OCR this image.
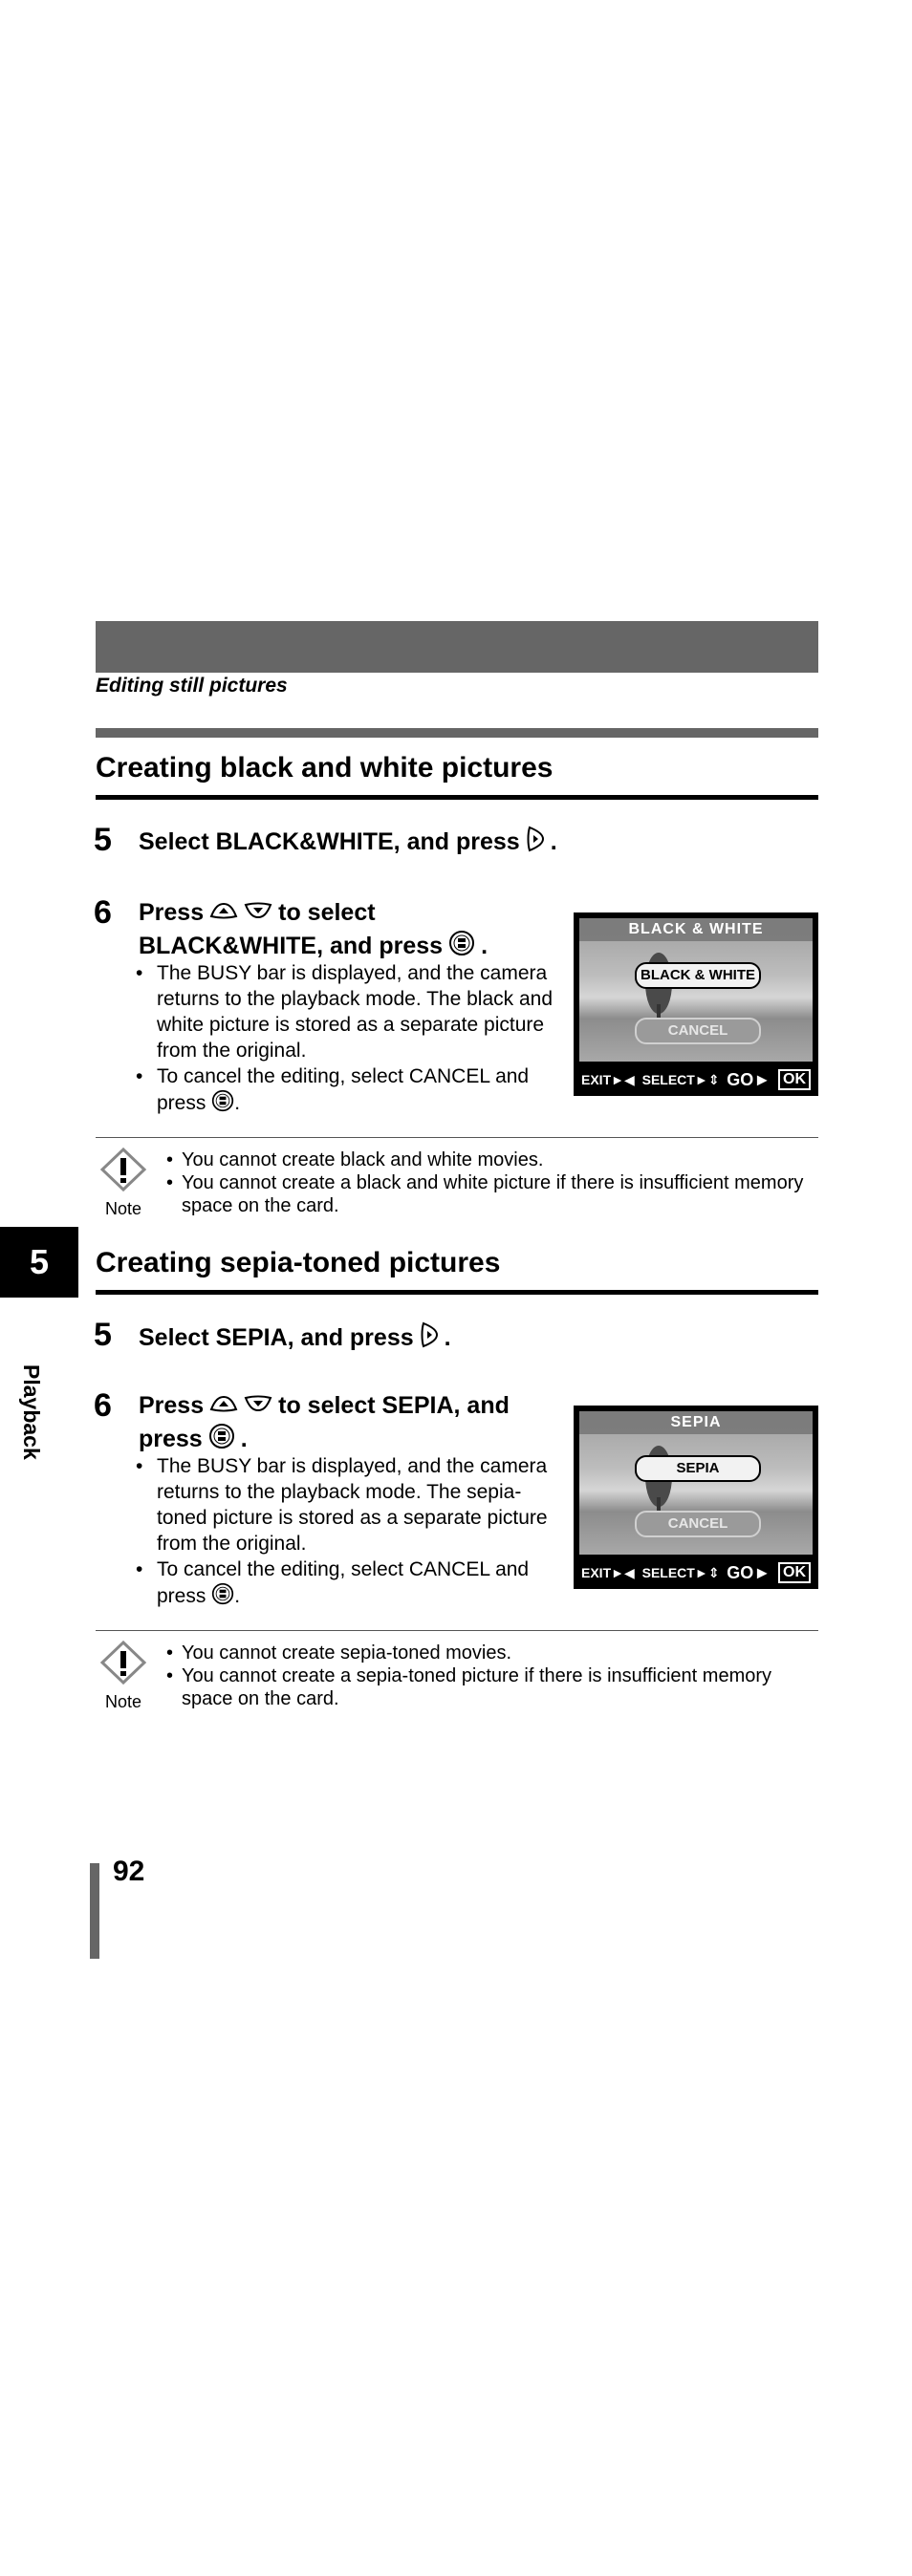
Editing still pictures
Creating black and white pictures
5 Select BLACK&WHITE, and press .
6 Press	to select
BLACK&WHITE, and press .
• The BUSY bar is displayed, and the camera returns to the playback mode. The black and white picture is stored as a separate picture from the original.
• To cancel the editing, select CANCEL and press .
BLACK & WHITE
BLACK & WHITE
CANCEL
EXIT►◀ SELECT►⇕ GO► OK
Note
• You cannot create black and white movies.
• You cannot create a black and white picture if there is insufficient memory space on the card.
5
Playback
Creating sepia-toned pictures
5 Select SEPIA, and press .
6 Press	to select SEPIA, and
press .
• The BUSY bar is displayed, and the camera returns to the playback mode. The sepia-toned picture is stored as a separate picture from the original.
• To cancel the editing, select CANCEL and press .
SEPIA
SEPIA
CANCEL
EXIT►◀ SELECT►⇕ GO► OK
Note
• You cannot create sepia-toned movies.
• You cannot create a sepia-toned picture if there is insufficient memory space on the card.
92
